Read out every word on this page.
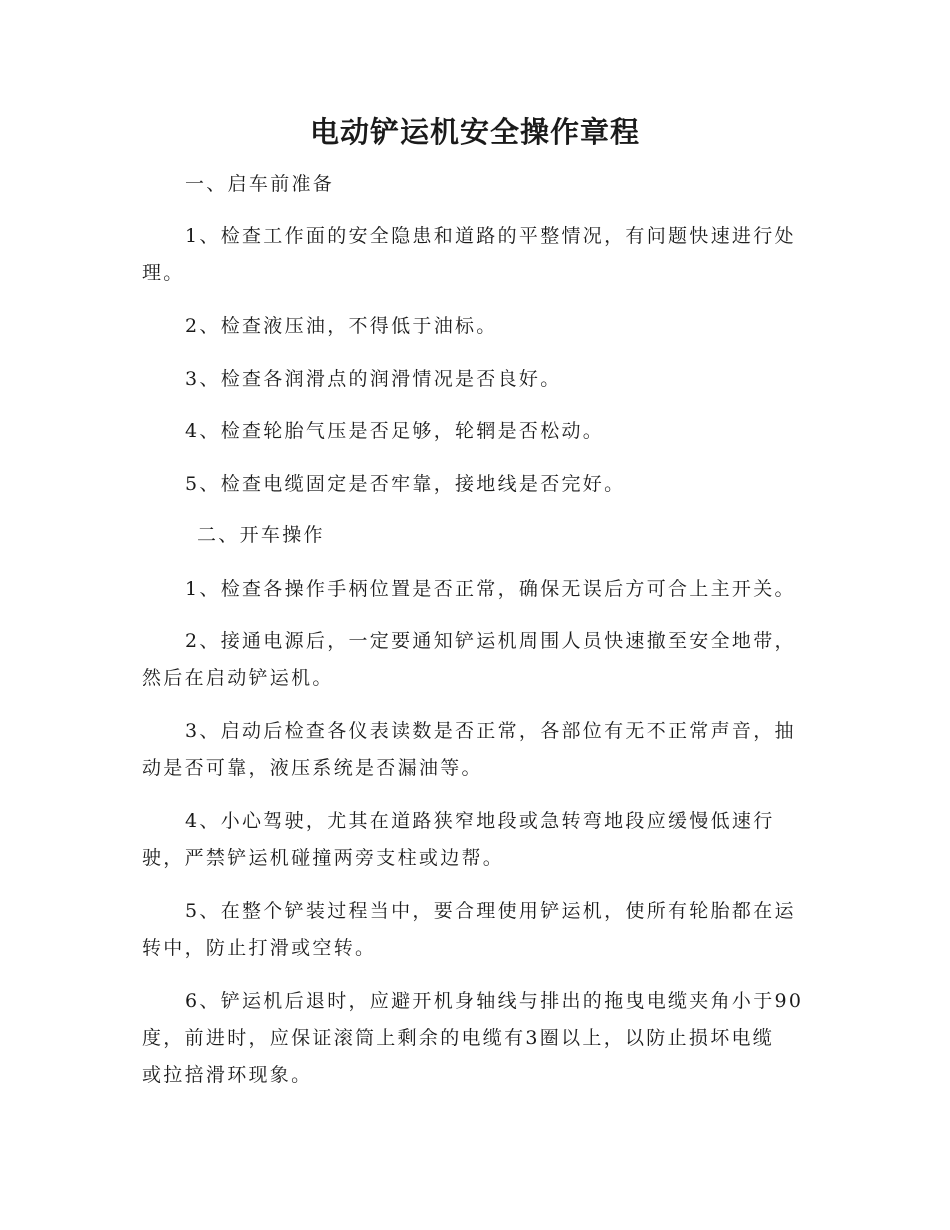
电动铲运机安全操作章程

一、启车前准备

1、检查工作面的安全隐患和道路的平整情况，有问题快速进行处

理。

2、检查液压油，不得低于油标。

3、检查各润滑点的润滑情况是否良好。

4、检查轮胎气压是否足够，轮辋是否松动。

5、检查电缆固定是否牢靠，接地线是否完好。

二、开车操作

1、检查各操作手柄位置是否正常，确保无误后方可合上主开关。

2、接通电源后，一定要通知铲运机周围人员快速撤至安全地带，

然后在启动铲运机。

3、启动后检查各仪表读数是否正常，各部位有无不正常声音，抽

动是否可靠，液压系统是否漏油等。

4、小心驾驶，尤其在道路狭窄地段或急转弯地段应缓慢低速行

驶，严禁铲运机碰撞两旁支柱或边帮。

5、在整个铲装过程当中，要合理使用铲运机，使所有轮胎都在运

转中，防止打滑或空转。

6、铲运机后退时，应避开机身轴线与排出的拖曳电缆夹角小于90

度，前进时，应保证滚筒上剩余的电缆有3圈以上，以防止损坏电缆

或拉掊滑环现象。
